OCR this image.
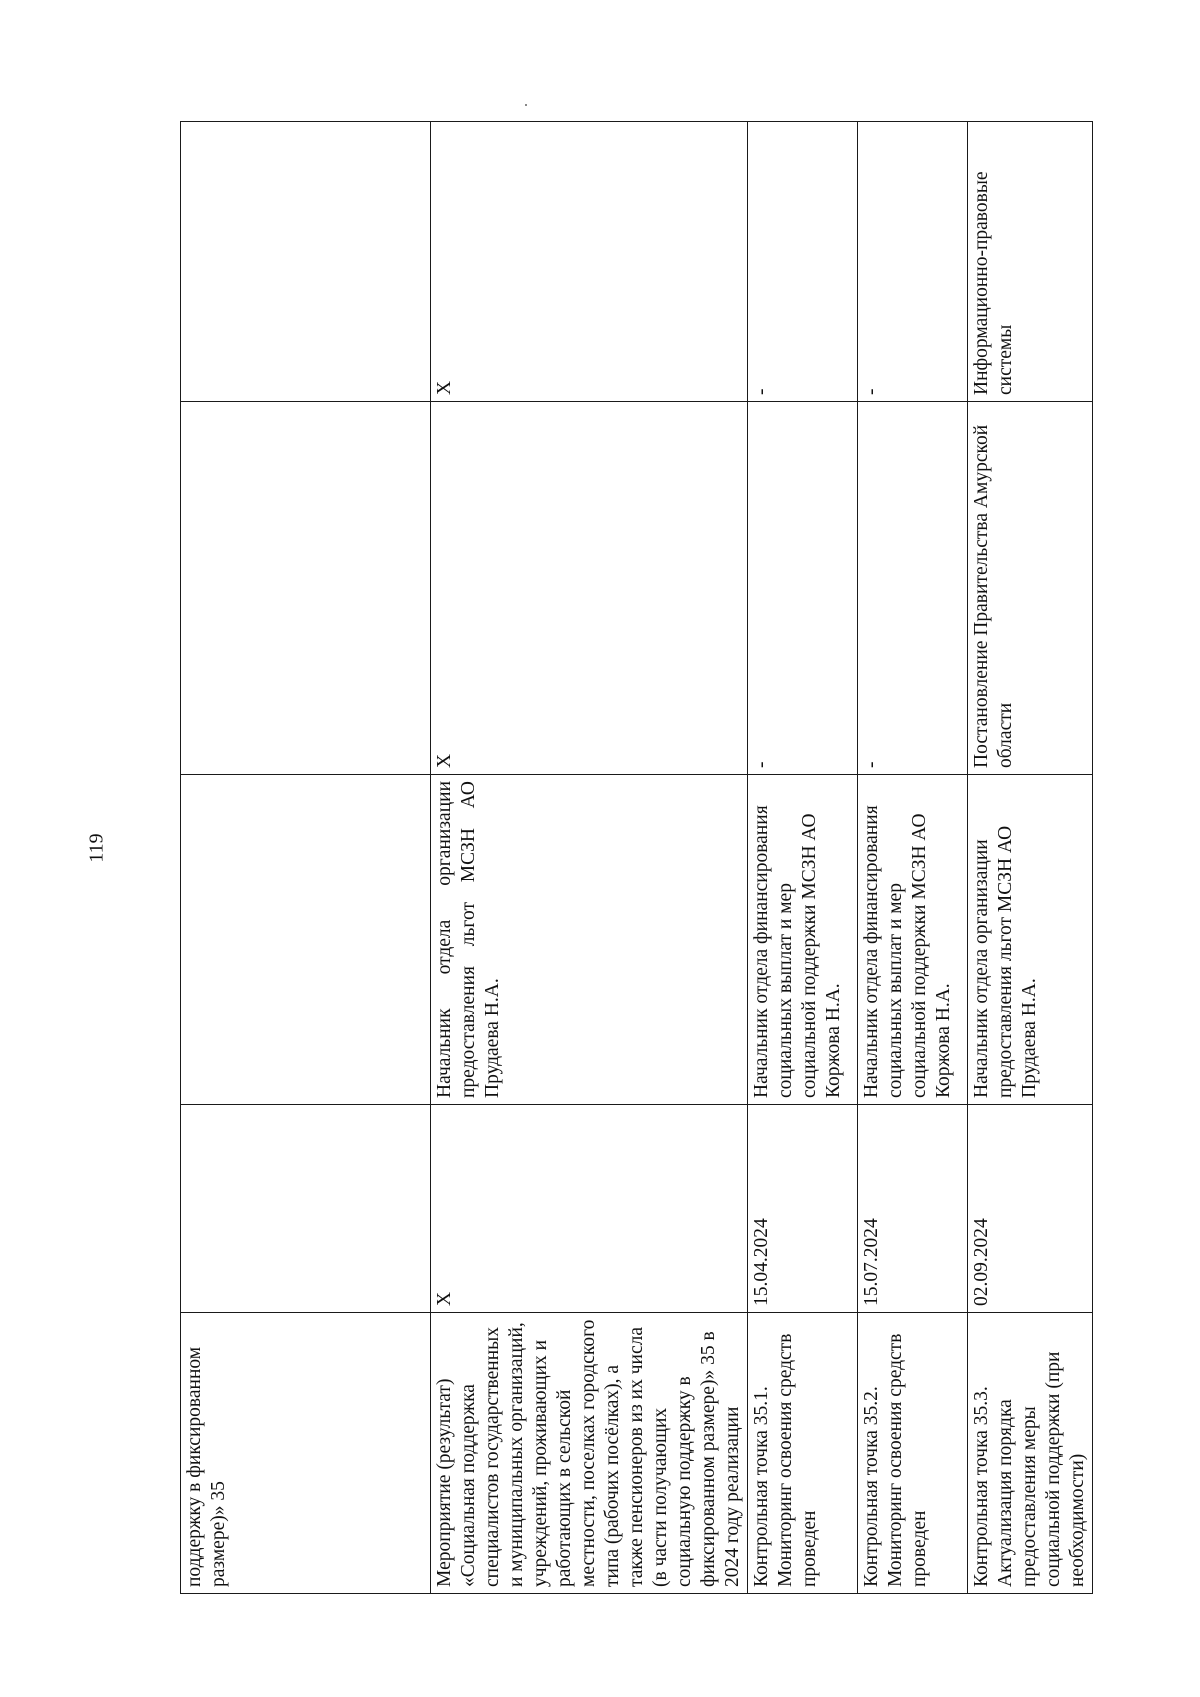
119
поддержку в фиксированном размере)» 35				
Мероприятие (результат) «Социальная поддержка специалистов государственных и муниципальных организаций, учреждений, проживающих и работающих в сельской местности, поселках городского типа (рабочих посёлках), а также пенсионеров из их числа (в части получающих социальную поддержку в фиксированном размере)» 35 в 2024 году реализации	Х	Начальник отдела организации предоставления льгот МСЗН АО Прудаева Н.А.	Х	Х
Контрольная точка 35.1. Мониторинг освоения средств проведен	15.04.2024	Начальник отдела финансирования социальных выплат и мер социальной поддержки МСЗН АО Коржова Н.А.	-	-
Контрольная точка 35.2. Мониторинг освоения средств проведен	15.07.2024	Начальник отдела финансирования социальных выплат и мер социальной поддержки МСЗН АО Коржова Н.А.	-	-
Контрольная точка 35.3. Актуализация порядка предоставления меры социальной поддержки (при необходимости)	02.09.2024	Начальник отдела организации предоставления льгот МСЗН АО Прудаева Н.А.	Постановление Правительства Амурской области	Информационно-правовые системы
